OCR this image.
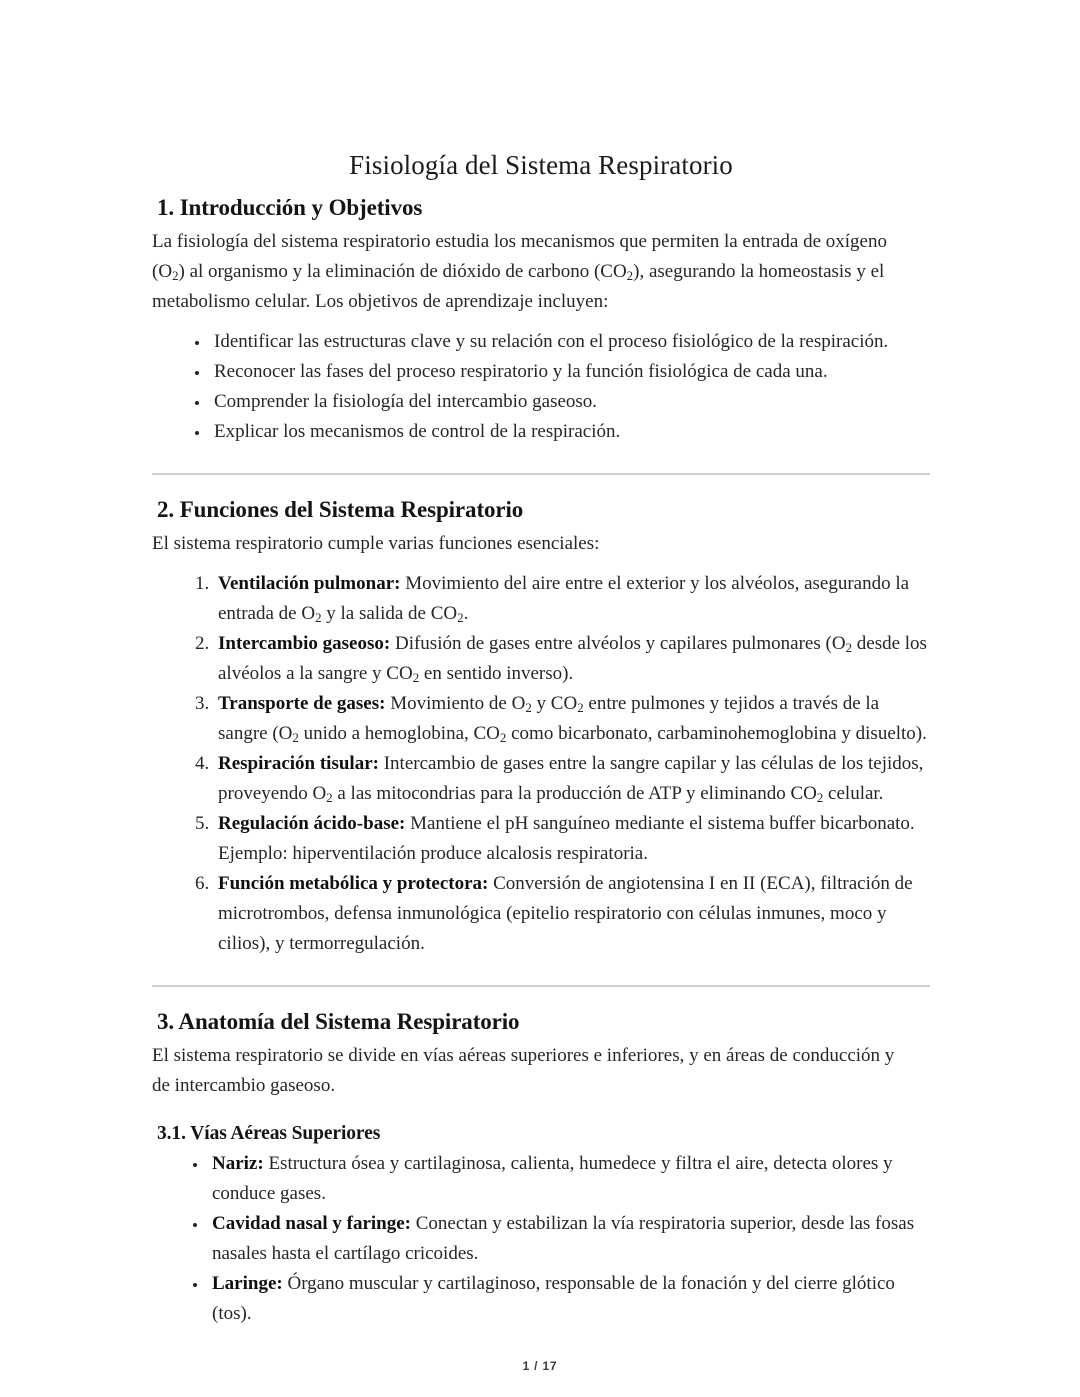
Fisiología del Sistema Respiratorio
1. Introducción y Objetivos

La fisiología del sistema respiratorio estudia los mecanismos que permiten la entrada de oxígeno $(O_2)$ al organismo y la eliminación de dióxido de carbono $(CO_2)$, asegurando la homeostasis y el metabolismo celular. Los objetivos de aprendizaje incluyen:

• Identificar las estructuras clave y su relación con el proceso fisiológico de la respiración.
• Reconocer las fases del proceso respiratorio y la función fisiológica de cada una.
• Comprender la fisiología del intercambio gaseoso.
• Explicar los mecanismos de control de la respiración.
2. Funciones del Sistema Respiratorio

El sistema respiratorio cumple varias funciones esenciales:

1. Ventilación pulmonar: Movimiento del aire entre el exterior y los alvéolos, asegurando la entrada de $O_2$ y la salida de $CO_2$.
2. Intercambio gaseoso: Difusión de gases entre alvéolos y capilares pulmonares ($O_2$ desde los alvéolos a la sangre y $CO_2$ en sentido inverso).
3. Transporte de gases: Movimiento de $O_2$ y $CO_2$ entre pulmones y tejidos a través de la sangre ($O_2$ unido a hemoglobina, $CO_2$ como bicarbonato, carbaminohemoglobina y disuelto).
4. Respiración tisular: Intercambio de gases entre la sangre capilar y las células de los tejidos, proveyendo $O_2$ a las mitocondrias para la producción de ATP y eliminando $CO_2$ celular.
5. Regulación ácido-base: Mantiene el pH sanguíneo mediante el sistema buffer bicarbonato. Ejemplo: hiperventilación produce alcalosis respiratoria.
6. Función metabólica y protectora: Conversión de angiotensina I en II (ECA), filtración de microtrombos, defensa inmunológica (epitelio respiratorio con células inmunes, moco y cilios), y termorregulación.
3. Anatomía del Sistema Respiratorio

El sistema respiratorio se divide en vías aéreas superiores e inferiores, y en áreas de conducción y de intercambio gaseoso.

3.1. Vías Aéreas Superiores
• Nariz: Estructura ósea y cartilaginosa, calienta, humedece y filtra el aire, detecta olores y conduce gases.
• Cavidad nasal y faringe: Conectan y estabilizan la vía respiratoria superior, desde las fosas nasales hasta el cartílago cricoides.
• Laringe: Órgano muscular y cartilaginoso, responsable de la fonación y del cierre glótico (tos).
1 / 17
